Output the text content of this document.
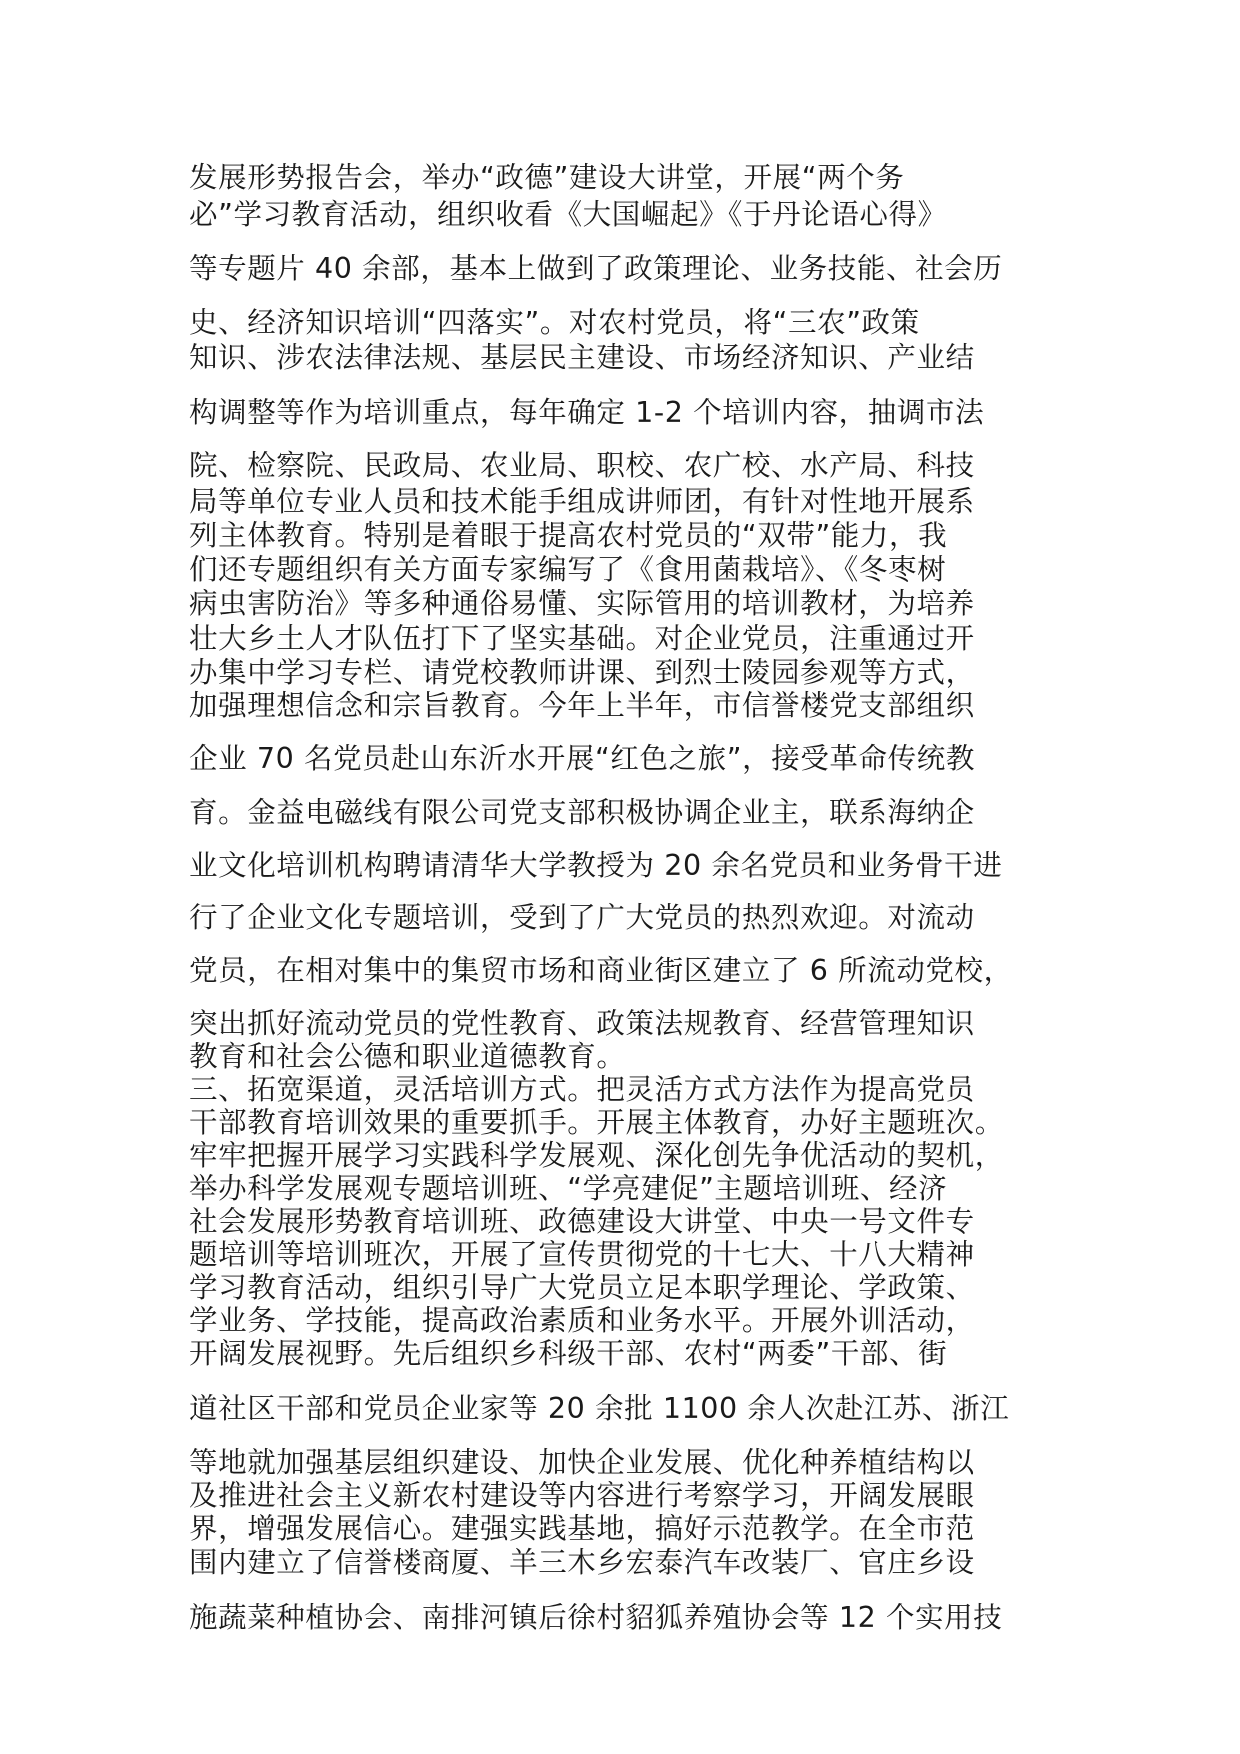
发展形势报告会，举办“政德”建设大讲堂，开展“两个务
必”学习教育活动，组织收看《大国崛起》《于丹论语心得》
等专题片 40 余部，基本上做到了政策理论、业务技能、社会历
史、经济知识培训“四落实”。对农村党员，将“三农”政策
知识、涉农法律法规、基层民主建设、市场经济知识、产业结
构调整等作为培训重点，每年确定 1-2 个培训内容，抽调市法
院、检察院、民政局、农业局、职校、农广校、水产局、科技
局等单位专业人员和技术能手组成讲师团，有针对性地开展系
列主体教育。特别是着眼于提高农村党员的“双带”能力，我
们还专题组织有关方面专家编写了《食用菌栽培》、《冬枣树
病虫害防治》等多种通俗易懂、实际管用的培训教材，为培养
壮大乡土人才队伍打下了坚实基础。对企业党员，注重通过开
办集中学习专栏、请党校教师讲课、到烈士陵园参观等方式，
加强理想信念和宗旨教育。今年上半年，市信誉楼党支部组织
企业 70 名党员赴山东沂水开展“红色之旅”，接受革命传统教
育。金益电磁线有限公司党支部积极协调企业主，联系海纳企
业文化培训机构聘请清华大学教授为 20 余名党员和业务骨干进
行了企业文化专题培训，受到了广大党员的热烈欢迎。对流动
党员，在相对集中的集贸市场和商业街区建立了 6 所流动党校，
突出抓好流动党员的党性教育、政策法规教育、经营管理知识
教育和社会公德和职业道德教育。
三、拓宽渠道，灵活培训方式。把灵活方式方法作为提高党员
干部教育培训效果的重要抓手。开展主体教育，办好主题班次。
牢牢把握开展学习实践科学发展观、深化创先争优活动的契机，
举办科学发展观专题培训班、“学亮建促”主题培训班、经济
社会发展形势教育培训班、政德建设大讲堂、中央一号文件专
题培训等培训班次，开展了宣传贯彻党的十七大、十八大精神
学习教育活动，组织引导广大党员立足本职学理论、学政策、
学业务、学技能，提高政治素质和业务水平。开展外训活动，
开阔发展视野。先后组织乡科级干部、农村“两委”干部、街
道社区干部和党员企业家等 20 余批 1100 余人次赴江苏、浙江
等地就加强基层组织建设、加快企业发展、优化种养植结构以
及推进社会主义新农村建设等内容进行考察学习，开阔发展眼
界，增强发展信心。建强实践基地，搞好示范教学。在全市范
围内建立了信誉楼商厦、羊三木乡宏泰汽车改装厂、官庄乡设
施蔬菜种植协会、南排河镇后徐村貂狐养殖协会等 12 个实用技
